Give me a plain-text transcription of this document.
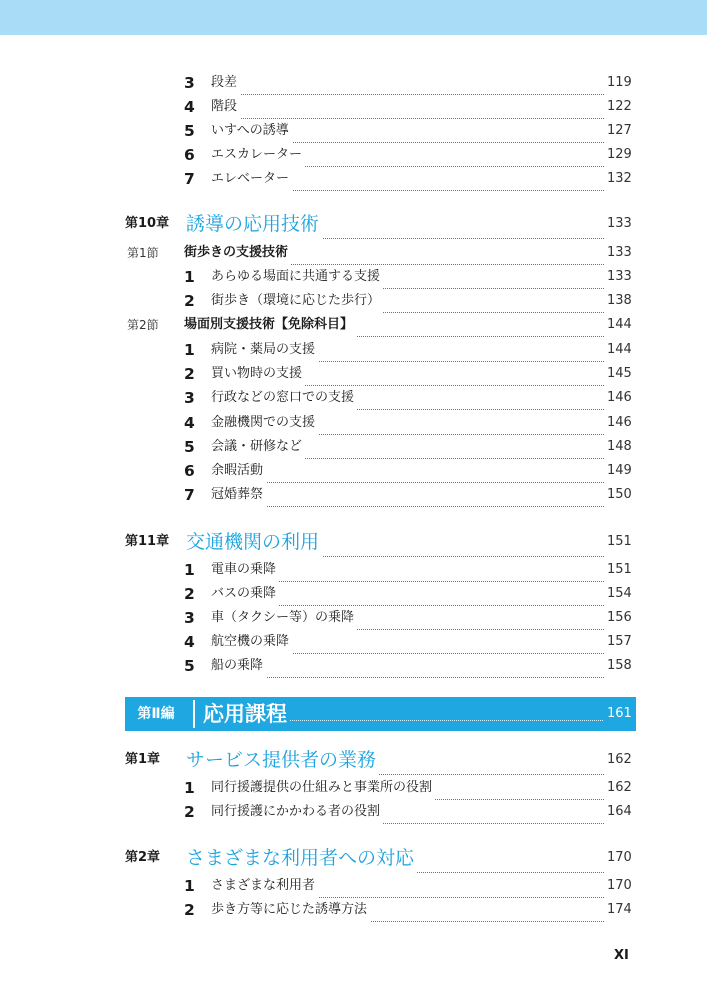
3 段差	119
4 階段	122
5 いすへの誘導	127
6 エスカレーター	129
7 エレベーター	132
第10章 誘導の応用技術	133
第1節 街歩きの支援技術	133
1 あらゆる場面に共通する支援	133
2 街歩き（環境に応じた歩行）	138
第2節 場面別支援技術【免除科目】	144
1 病院・薬局の支援	144
2 買い物時の支援	145
3 行政などの窓口での支援	146
4 金融機関での支援	146
5 会議・研修など	148
6 余暇活動	149
7 冠婚葬祭	150
第11章 交通機関の利用	151
1 電車の乗降	151
2 バスの乗降	154
3 車（タクシー等）の乗降	156
4 航空機の乗降	157
5 船の乗降	158
第Ⅱ編	応用課程	161
第1章 サービス提供者の業務	162
1 同行援護提供の仕組みと事業所の役割	162
2 同行援護にかかわる者の役割	164
第2章 さまざまな利用者への対応	170
1 さまざまな利用者	170
2 歩き方等に応じた誘導方法	174
XI
